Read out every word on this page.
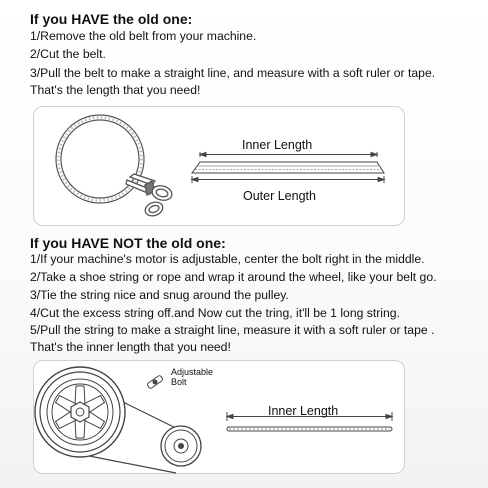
If you HAVE the old one:
1/Remove the old belt from your machine.
2/Cut the belt.
3/Pull the belt to make a straight line, and measure with a soft ruler or tape.
That's the length that you need!
Inner Length
Outer Length
If you HAVE NOT the old one:
1/If your machine's motor is adjustable, center the bolt right in the middle.
2/Take a shoe string or rope and wrap it around the wheel, like your belt go.
3/Tie the string nice and snug around the pulley.
4/Cut the excess string off.and Now cut the tring, it'll be 1 long string.
5/Pull the string to make a straight line, measure it with a soft ruler or tape .
That's the inner length that you need!
Adjustable
Bolt
Inner Length
